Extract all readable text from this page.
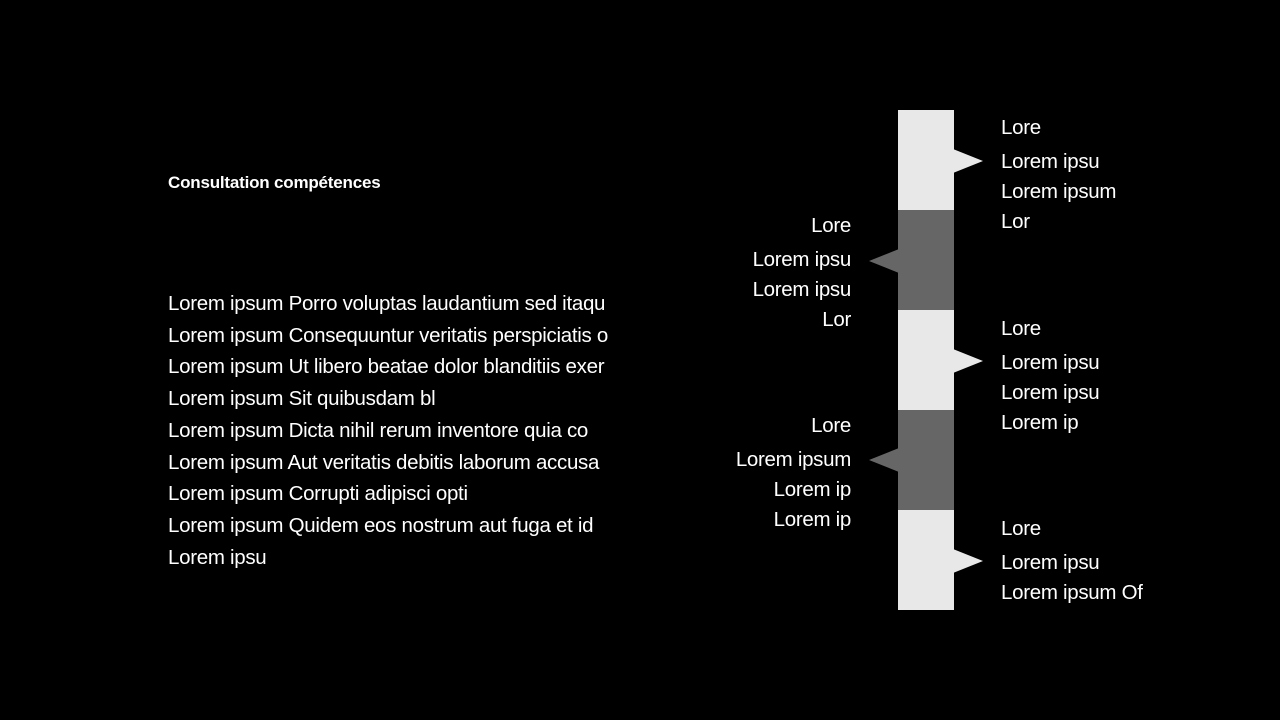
Consultation compétences
Lorem ipsum Porro voluptas laudantium sed itaqu
Lorem ipsum Consequuntur veritatis perspiciatis o
Lorem ipsum Ut libero beatae dolor blanditiis exer
Lorem ipsum Sit quibusdam bl
Lorem ipsum Dicta nihil rerum inventore quia co
Lorem ipsum Aut veritatis debitis laborum accusa
Lorem ipsum Corrupti adipisci opti
Lorem ipsum Quidem eos nostrum aut fuga et id
Lorem ipsu
Lore
Lorem ipsu
Lorem ipsum
Lor
Lore
Lorem ipsu
Lorem ipsu
Lor	Lore
Lorem ipsu
Lorem ipsu
Lorem ip
Lore
Lorem ipsum
Lorem ip
Lorem ip	Lore
Lorem ipsu
Lorem ipsum Of
